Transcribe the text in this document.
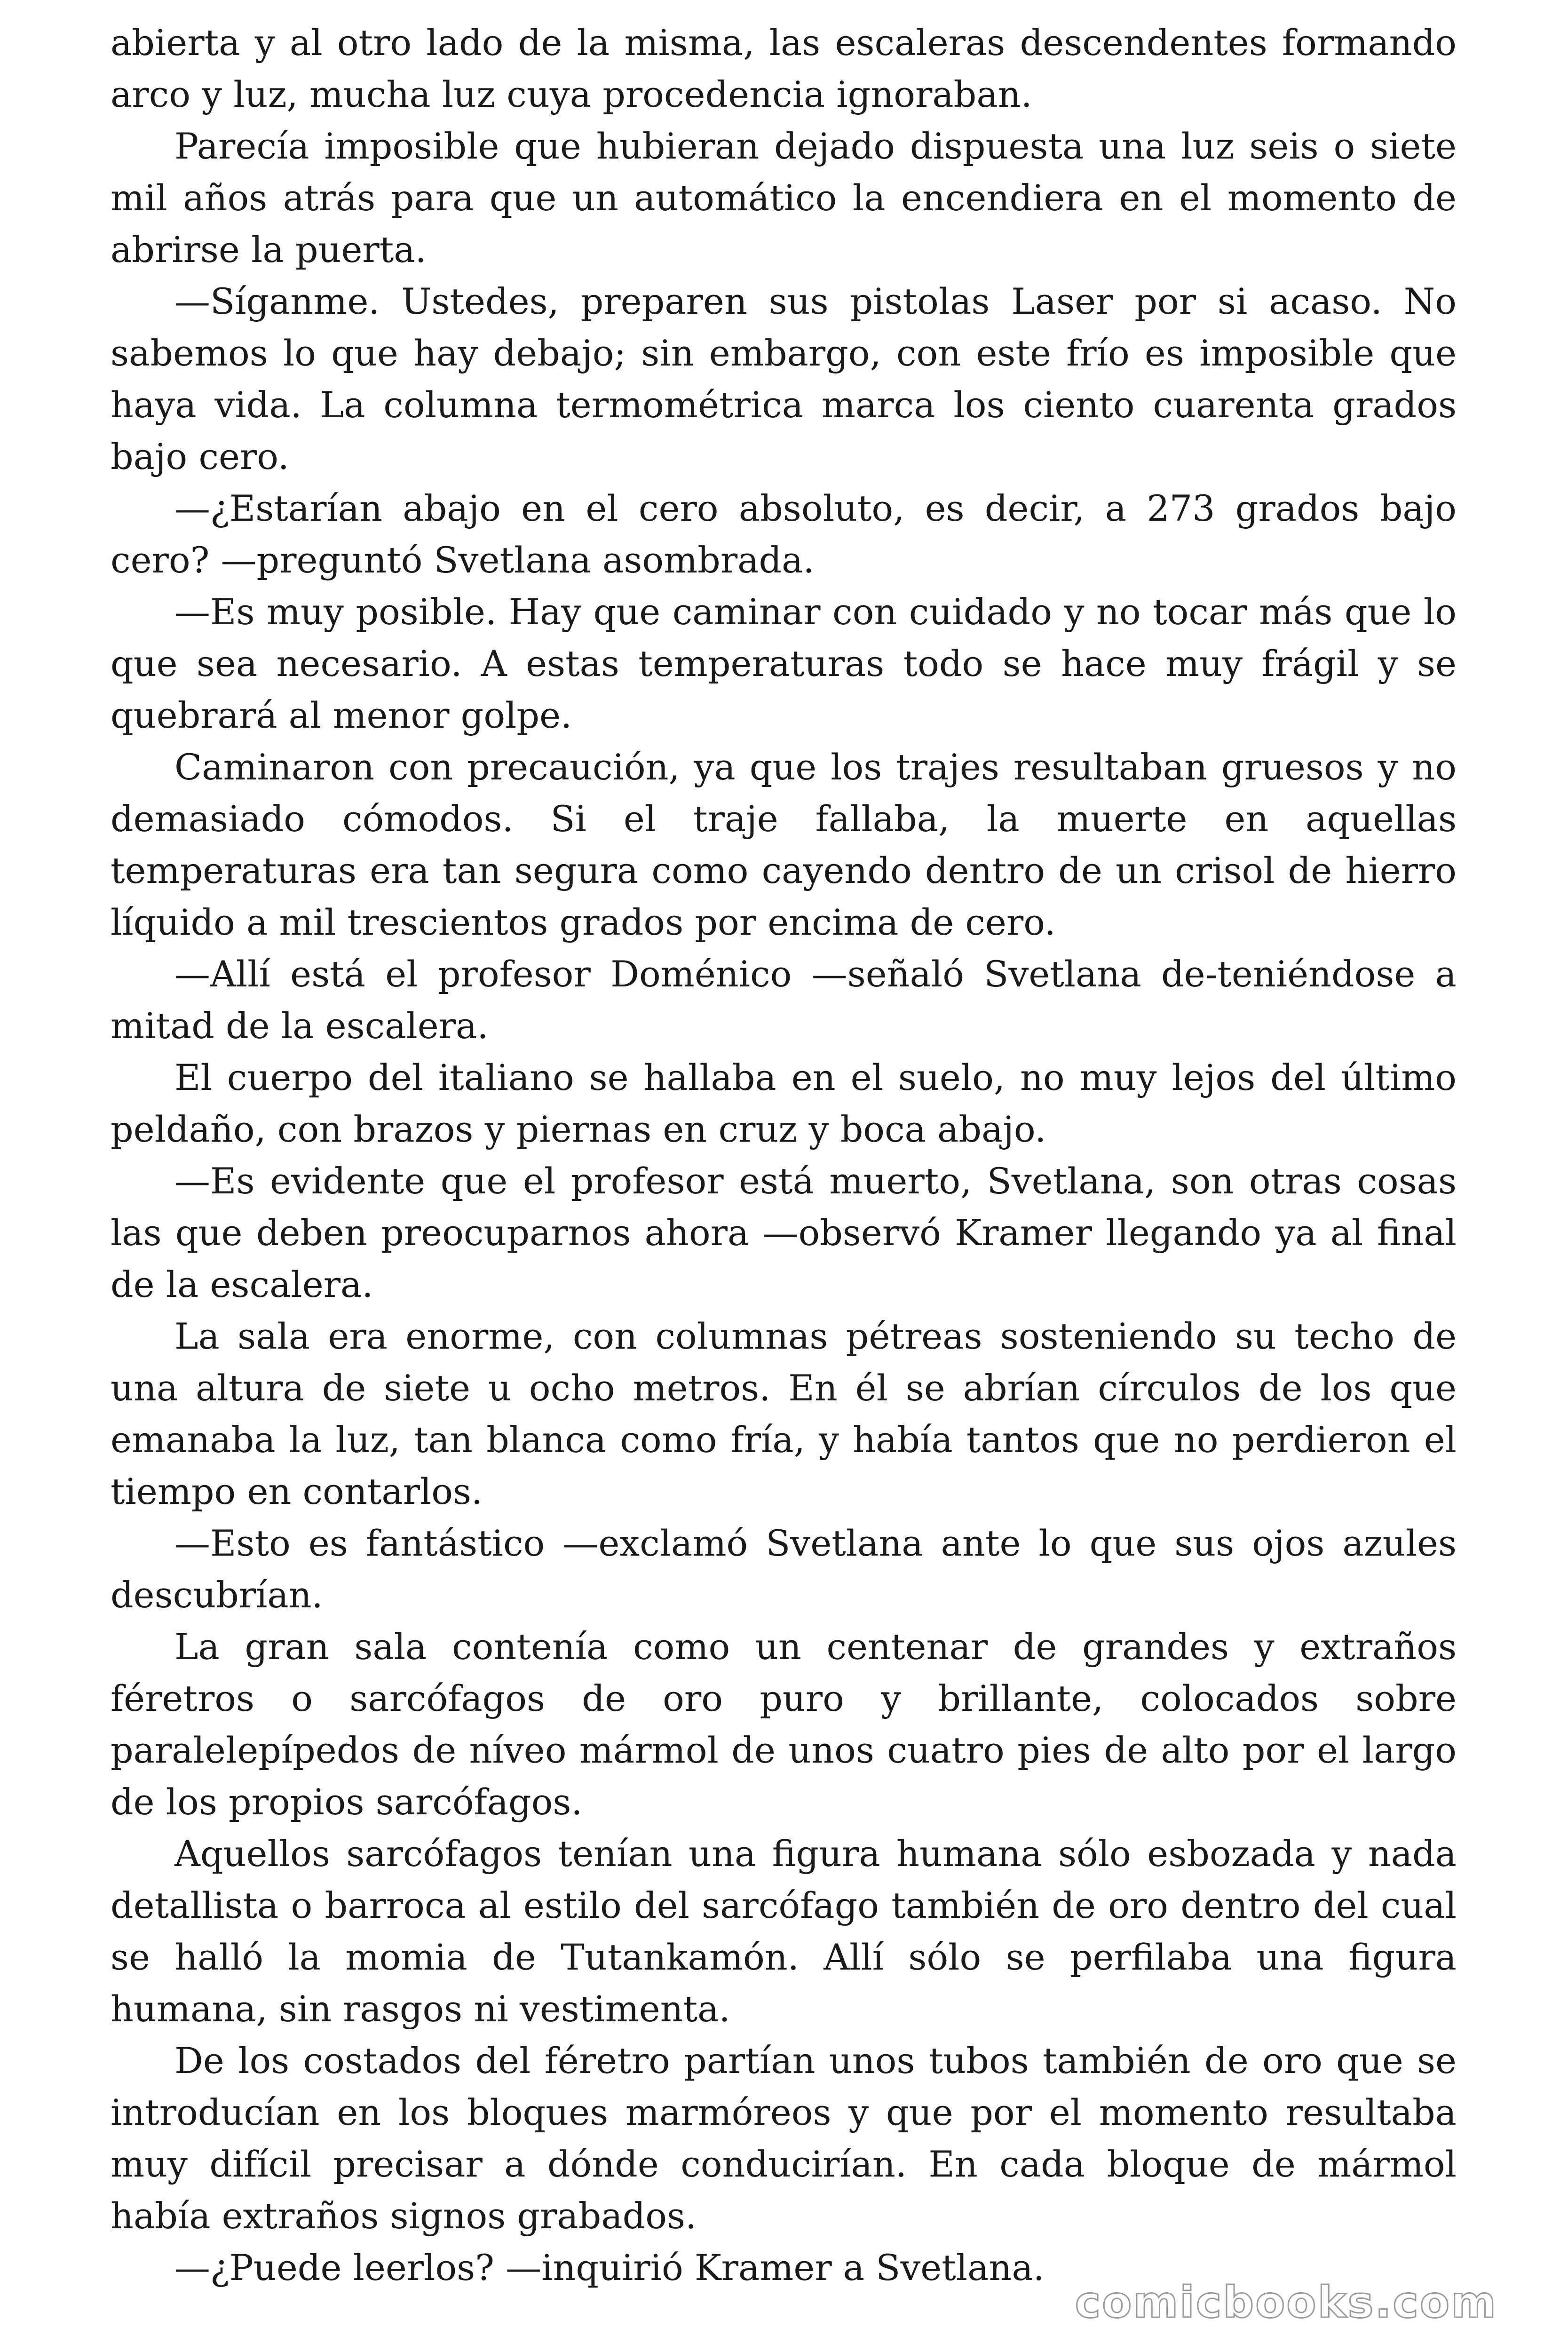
abierta y al otro lado de la misma, las escaleras descendentes formando arco y luz, mucha luz cuya procedencia ignoraban.

Parecía imposible que hubieran dejado dispuesta una luz seis o siete mil años atrás para que un automático la encendiera en el momento de abrirse la puerta.

—Síganme. Ustedes, preparen sus pistolas Laser por si acaso. No sabemos lo que hay debajo; sin embargo, con este frío es imposible que haya vida. La columna termométrica marca los ciento cuarenta grados bajo cero.

—¿Estarían abajo en el cero absoluto, es decir, a 273 grados bajo cero? —preguntó Svetlana asombrada.

—Es muy posible. Hay que caminar con cuidado y no tocar más que lo que sea necesario. A estas temperaturas todo se hace muy frágil y se quebrará al menor golpe.

Caminaron con precaución, ya que los trajes resultaban gruesos y no demasiado cómodos. Si el traje fallaba, la muerte en aquellas temperaturas era tan segura como cayendo dentro de un crisol de hierro líquido a mil trescientos grados por encima de cero.

—Allí está el profesor Doménico —señaló Svetlana de-teniéndose a mitad de la escalera.

El cuerpo del italiano se hallaba en el suelo, no muy lejos del último peldaño, con brazos y piernas en cruz y boca abajo.

—Es evidente que el profesor está muerto, Svetlana, son otras cosas las que deben preocuparnos ahora —observó Kramer llegando ya al final de la escalera.

La sala era enorme, con columnas pétreas sosteniendo su techo de una altura de siete u ocho metros. En él se abrían círculos de los que emanaba la luz, tan blanca como fría, y había tantos que no perdieron el tiempo en contarlos.

—Esto es fantástico —exclamó Svetlana ante lo que sus ojos azules descubrían.

La gran sala contenía como un centenar de grandes y extraños féretros o sarcófagos de oro puro y brillante, colocados sobre paralelepípedos de níveo mármol de unos cuatro pies de alto por el largo de los propios sarcófagos.

Aquellos sarcófagos tenían una figura humana sólo esbozada y nada detallista o barroca al estilo del sarcófago también de oro dentro del cual se halló la momia de Tutankamón. Allí sólo se perfilaba una figura humana, sin rasgos ni vestimenta.

De los costados del féretro partían unos tubos también de oro que se introducían en los bloques marmóreos y que por el momento resultaba muy difícil precisar a dónde conducirían. En cada bloque de mármol había extraños signos grabados.

—¿Puede leerlos? —inquirió Kramer a Svetlana.

comicbooks.com
